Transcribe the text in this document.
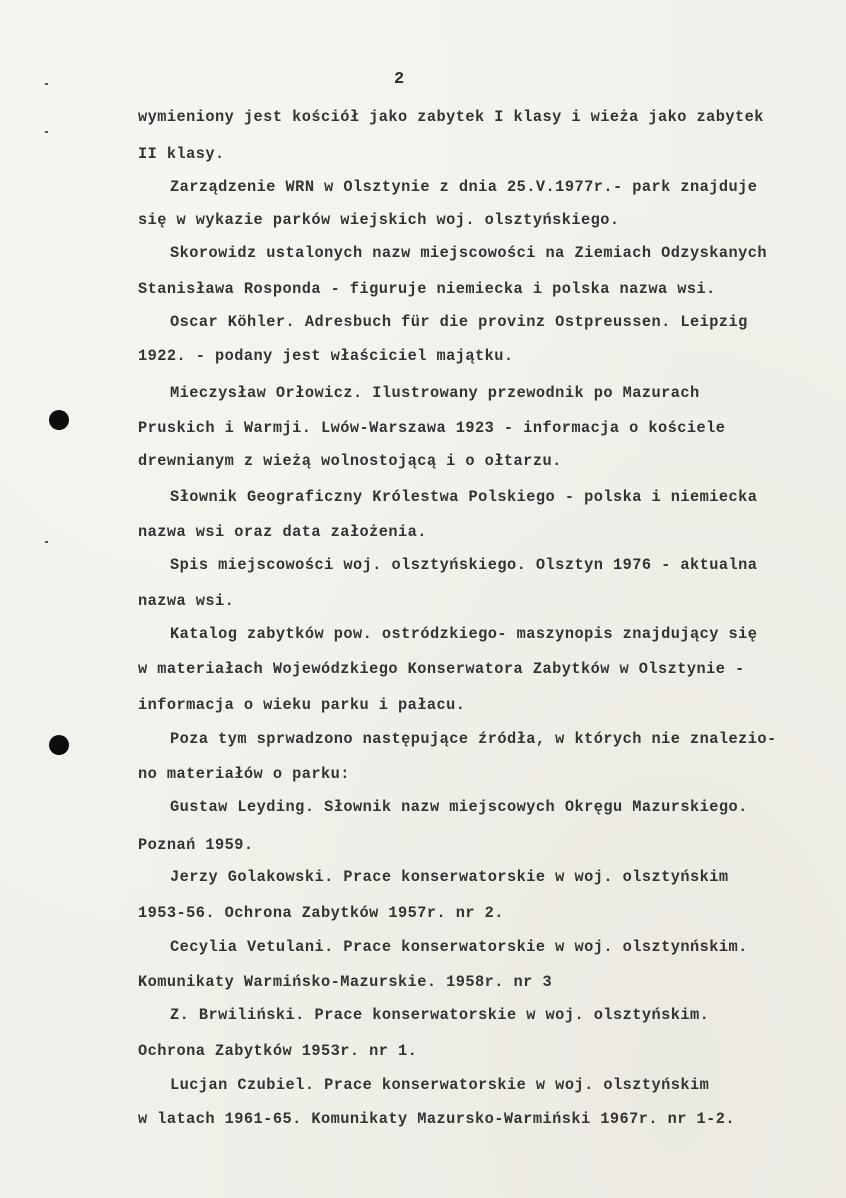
2
wymieniony jest kościół jako zabytek I klasy i wieża jako zabytek
II klasy.
Zarządzenie WRN w Olsztynie z dnia 25.V.1977r.- park znajduje
się w wykazie parków wiejskich woj. olsztyńskiego.
Skorowidz ustalonych nazw miejscowości na Ziemiach Odzyskanych
Stanisława Rosponda - figuruje niemiecka i polska nazwa wsi.
Oscar Köhler. Adresbuch für die provinz Ostpreussen. Leipzig
1922. - podany jest właściciel majątku.
Mieczysław Orłowicz. Ilustrowany przewodnik po Mazurach
Pruskich i Warmji. Lwów-Warszawa 1923 - informacja o kościele
drewnianym z wieżą wolnostojącą i o ołtarzu.
Słownik Geograficzny Królestwa Polskiego - polska i niemiecka
nazwa wsi oraz data założenia.
Spis miejscowości woj. olsztyńskiego. Olsztyn 1976 - aktualna
nazwa wsi.
Katalog zabytków pow. ostródzkiego- maszynopis znajdujący się
w materiałach Wojewódzkiego Konserwatora Zabytków w Olsztynie -
informacja o wieku parku i pałacu.
Poza tym sprwadzono następujące źródła, w których nie znalezio-
no materiałów o parku:
Gustaw Leyding. Słownik nazw miejscowych Okręgu Mazurskiego.
Poznań 1959.
Jerzy Golakowski. Prace konserwatorskie w woj. olsztyńskim
1953-56. Ochrona Zabytków 1957r. nr 2.
Cecylia Vetulani. Prace konserwatorskie w woj. olsztynńskim.
Komunikaty Warmińsko-Mazurskie. 1958r. nr 3
Z. Brwiliński. Prace konserwatorskie w woj. olsztyńskim.
Ochrona Zabytków 1953r. nr 1.
Lucjan Czubiel. Prace konserwatorskie w woj. olsztyńskim
w latach 1961-65. Komunikaty Mazursko-Warmiński 1967r. nr 1-2.
